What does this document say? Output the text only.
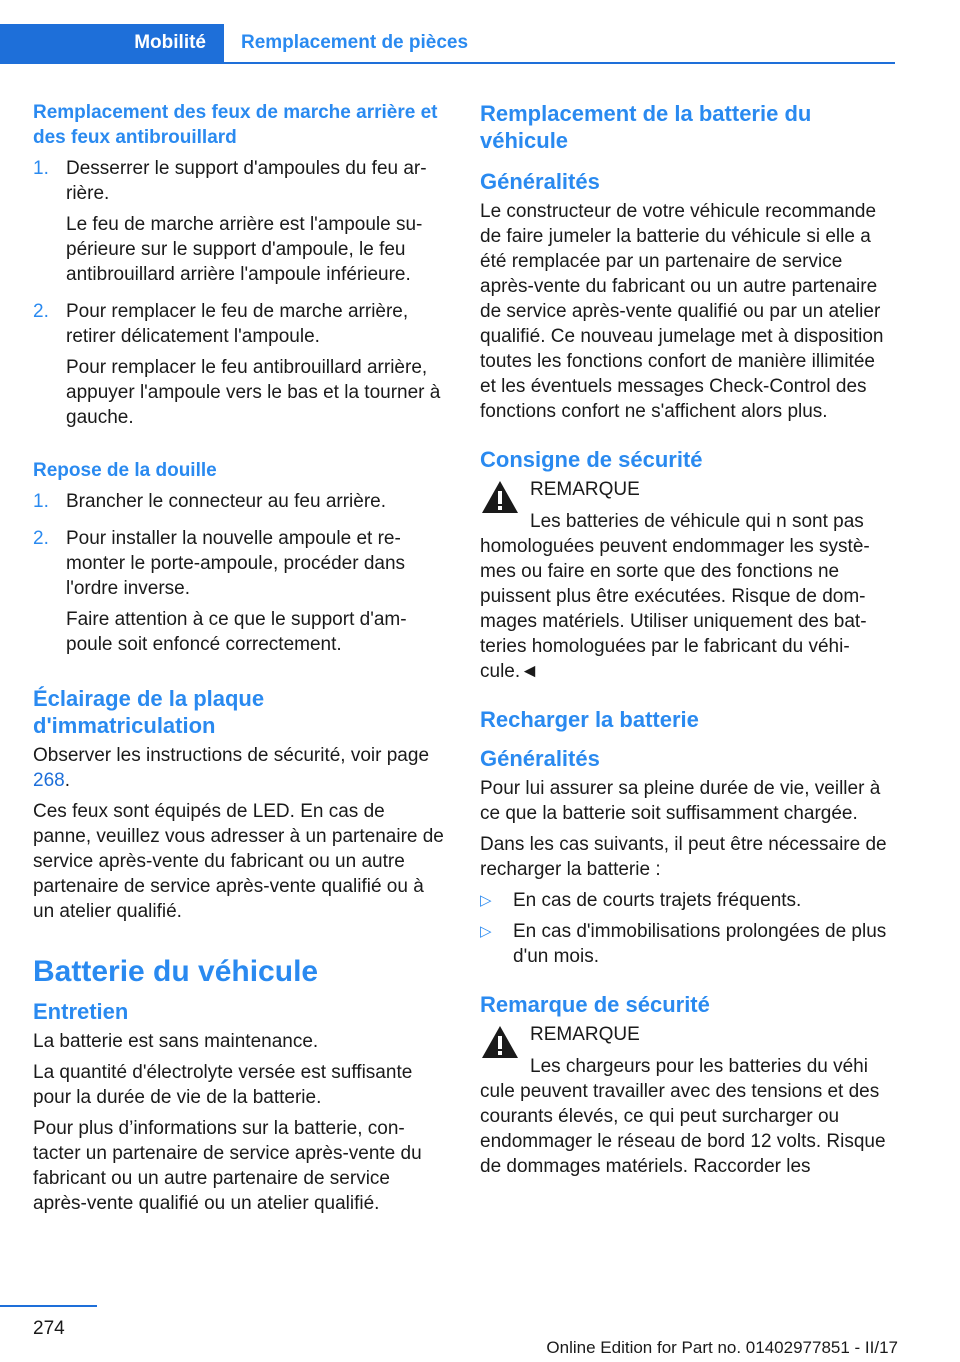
Mobilité Remplacement de pièces
Remplacement des feux de marche arrière et des feux antibrouillard
1. Desserrer le support d'ampoules du feu arrière.
Le feu de marche arrière est l'ampoule supérieure sur le support d'ampoule, le feu antibrouillard arrière l'ampoule inférieure.
2. Pour remplacer le feu de marche arrière, retirer délicatement l'ampoule.
Pour remplacer le feu antibrouillard arrière, appuyer l'ampoule vers le bas et la tourner à gauche.
Repose de la douille
1. Brancher le connecteur au feu arrière.
2. Pour installer la nouvelle ampoule et remonter le porte-ampoule, procéder dans l'ordre inverse.
Faire attention à ce que le support d'ampoule soit enfoncé correctement.
Éclairage de la plaque d'immatriculation
Observer les instructions de sécurité, voir page 268.
Ces feux sont équipés de LED. En cas de panne, veuillez vous adresser à un partenaire de service après-vente du fabricant ou un autre partenaire de service après-vente qualifié ou à un atelier qualifié.
Batterie du véhicule
Entretien
La batterie est sans maintenance.
La quantité d'électrolyte versée est suffisante pour la durée de vie de la batterie.
Pour plus d’informations sur la batterie, contacter un partenaire de service après-vente du fabricant ou un autre partenaire de service après-vente qualifié ou un atelier qualifié.
Remplacement de la batterie du véhicule
Généralités
Le constructeur de votre véhicule recommande de faire jumeler la batterie du véhicule si elle a été remplacée par un partenaire de service après-vente du fabricant ou un autre partenaire de service après-vente qualifié ou par un atelier qualifié. Ce nouveau jumelage met à disposition toutes les fonctions confort de manière illimitée et les éventuels messages Check-Control des fonctions confort ne s'affichent alors plus.
Consigne de sécurité
REMARQUE
Les batteries de véhicule qui n sont pas
homologuées peuvent endommager les systèmes ou faire en sorte que des fonctions ne puissent plus être exécutées. Risque de dommages matériels. Utiliser uniquement des batteries homologuées par le fabricant du véhicule.◄
Recharger la batterie
Généralités
Pour lui assurer sa pleine durée de vie, veiller à ce que la batterie soit suffisamment chargée.
Dans les cas suivants, il peut être nécessaire de recharger la batterie :
▷	En cas de courts trajets fréquents.
▷	En cas d'immobilisations prolongées de plus d'un mois.
Remarque de sécurité
REMARQUE
Les chargeurs pour les batteries du véhi
cule peuvent travailler avec des tensions et des courants élevés, ce qui peut surcharger ou endommager le réseau de bord 12 volts. Risque de dommages matériels. Raccorder les
274
Online Edition for Part no. 01402977851 - II/17
